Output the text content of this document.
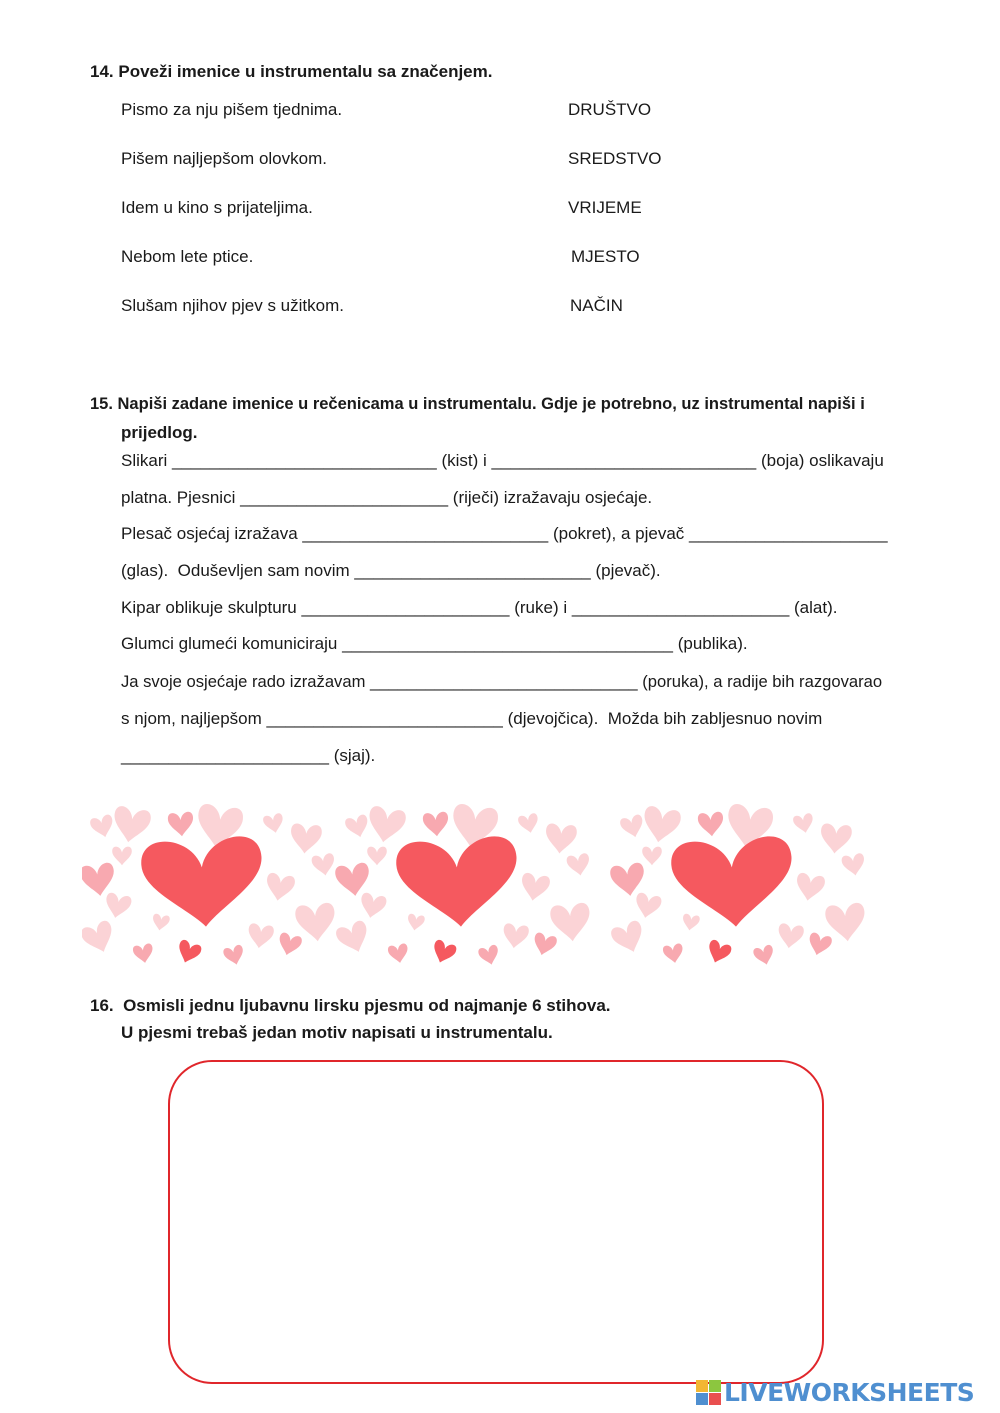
14. Poveži imenice u instrumentalu sa značenjem.
Pismo za nju pišem tjednima.
Pišem najljepšom olovkom.
Idem u kino s prijateljima.
Nebom lete ptice.
Slušam njihov pjev s užitkom.
DRUŠTVO
SREDSTVO
VRIJEME
MJESTO
NAČIN
15. Napiši zadane imenice u rečenicama u instrumentalu. Gdje je potrebno, uz instrumental napiši i
prijedlog.
Slikari ____________________________ (kist) i ____________________________ (boja) oslikavaju
platna. Pjesnici ______________________ (riječi) izražavaju osjećaje.
Plesač osjećaj izražava __________________________ (pokret), a pjevač _____________________
(glas).  Oduševljen sam novim _________________________ (pjevač).
Kipar oblikuje skulpturu ______________________ (ruke) i _______________________ (alat).
Glumci glumeći komuniciraju ___________________________________ (publika).
Ja svoje osjećaje rado izražavam _____________________________ (poruka), a radije bih razgovarao
s njom, najljepšom _________________________ (djevojčica).  Možda bih zabljesnuo novim
______________________ (sjaj).
16.  Osmisli jednu ljubavnu lirsku pjesmu od najmanje 6 stihova.
U pjesmi trebaš jedan motiv napisati u instrumentalu.
LIVEWORKSHEETS
